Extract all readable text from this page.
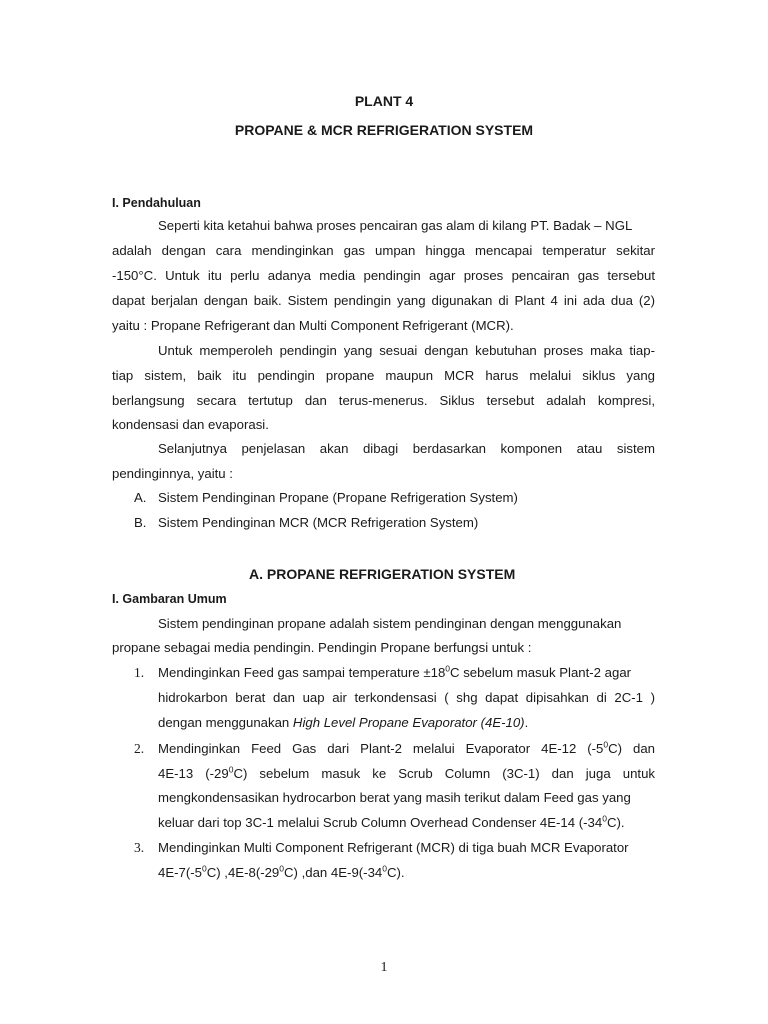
PLANT 4
PROPANE & MCR REFRIGERATION SYSTEM
I. Pendahuluan
Seperti kita ketahui bahwa proses pencairan gas alam di kilang PT. Badak – NGL
adalah dengan cara mendinginkan gas umpan hingga mencapai temperatur sekitar
-150°C. Untuk itu perlu adanya media pendingin agar proses pencairan gas tersebut
dapat berjalan dengan baik. Sistem pendingin yang digunakan di Plant 4 ini ada dua (2)
yaitu : Propane Refrigerant dan Multi Component Refrigerant (MCR).
Untuk memperoleh pendingin yang sesuai dengan kebutuhan proses maka tiap-
tiap sistem, baik itu pendingin propane maupun MCR harus melalui siklus yang
berlangsung secara tertutup dan terus-menerus. Siklus tersebut adalah kompresi,
kondensasi dan evaporasi.
Selanjutnya penjelasan akan dibagi berdasarkan komponen atau sistem
pendinginnya, yaitu :
A. Sistem Pendinginan Propane (Propane Refrigeration System)
B. Sistem Pendinginan MCR (MCR Refrigeration System)
A. PROPANE REFRIGERATION SYSTEM
I. Gambaran Umum
Sistem pendinginan propane adalah sistem pendinginan dengan menggunakan
propane sebagai media pendingin. Pendingin Propane berfungsi untuk :
1. Mendinginkan Feed gas sampai temperature $\pm 18^0C$ sebelum masuk Plant-2 agar
hidrokarbon berat dan uap air terkondensasi ( shg dapat dipisahkan di 2C-1 )
dengan menggunakan High Level Propane Evaporator (4E-10).
2. Mendinginkan Feed Gas dari Plant-2 melalui Evaporator 4E-12 $(-5^0C)$ dan
4E-13 $(-29^0C)$ sebelum masuk ke Scrub Column (3C-1) dan juga untuk
mengkondensasikan hydrocarbon berat yang masih terikut dalam Feed gas yang
keluar dari top 3C-1 melalui Scrub Column Overhead Condenser 4E-14 $(-34^0C)$.
3. Mendinginkan Multi Component Refrigerant (MCR) di tiga buah MCR Evaporator
$4E-7(-5^0C)$ $,4E-8(-29^0C)$ ,dan $4E-9(-34^0C)$.
1
